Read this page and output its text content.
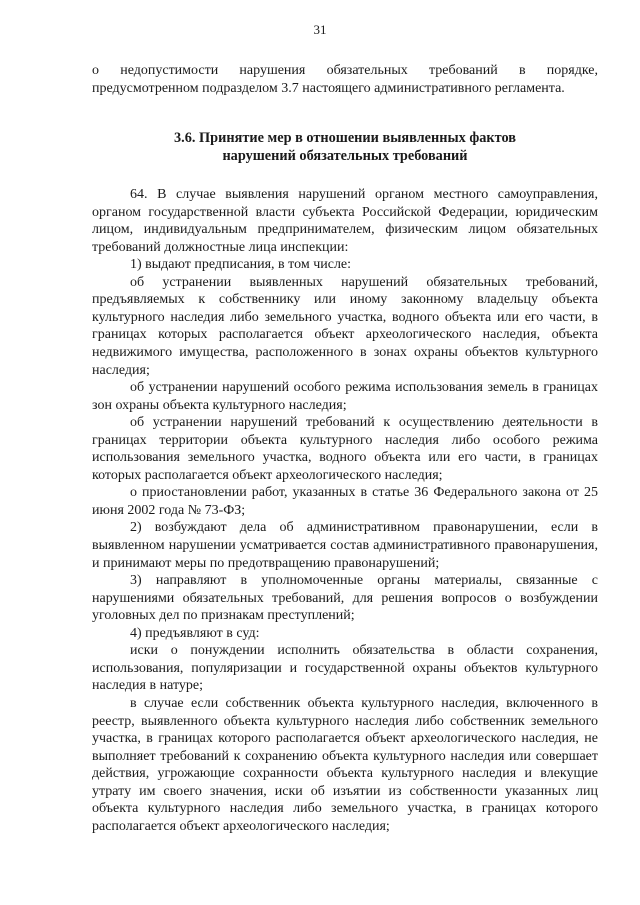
31

о недопустимости нарушения обязательных требований в порядке, предусмотренном подразделом 3.7 настоящего административного регламента.

3.6. Принятие мер в отношении выявленных фактов
нарушений обязательных требований

64. В случае выявления нарушений органом местного самоуправления, органом государственной власти субъекта Российской Федерации, юридическим лицом, индивидуальным предпринимателем, физическим лицом обязательных требований должностные лица инспекции:

1) выдают предписания, в том числе:

об устранении выявленных нарушений обязательных требований, предъявляемых к собственнику или иному законному владельцу объекта культурного наследия либо земельного участка, водного объекта или его части, в границах которых располагается объект археологического наследия, объекта недвижимого имущества, расположенного в зонах охраны объектов культурного наследия;

об устранении нарушений особого режима использования земель в границах зон охраны объекта культурного наследия;

об устранении нарушений требований к осуществлению деятельности в границах территории объекта культурного наследия либо особого режима использования земельного участка, водного объекта или его части, в границах которых располагается объект археологического наследия;

о приостановлении работ, указанных в статье 36 Федерального закона от 25 июня 2002 года № 73-ФЗ;

2) возбуждают дела об административном правонарушении, если в выявленном нарушении усматривается состав административного правонарушения, и принимают меры по предотвращению правонарушений;

3) направляют в уполномоченные органы материалы, связанные с нарушениями обязательных требований, для решения вопросов о возбуждении уголовных дел по признакам преступлений;

4) предъявляют в суд:

иски о понуждении исполнить обязательства в области сохранения, использования, популяризации и государственной охраны объектов культурного наследия в натуре;

в случае если собственник объекта культурного наследия, включенного в реестр, выявленного объекта культурного наследия либо собственник земельного участка, в границах которого располагается объект археологического наследия, не выполняет требований к сохранению объекта культурного наследия или совершает действия, угрожающие сохранности объекта культурного наследия и влекущие утрату им своего значения, иски об изъятии из собственности указанных лиц объекта культурного наследия либо земельного участка, в границах которого располагается объект археологического наследия;
